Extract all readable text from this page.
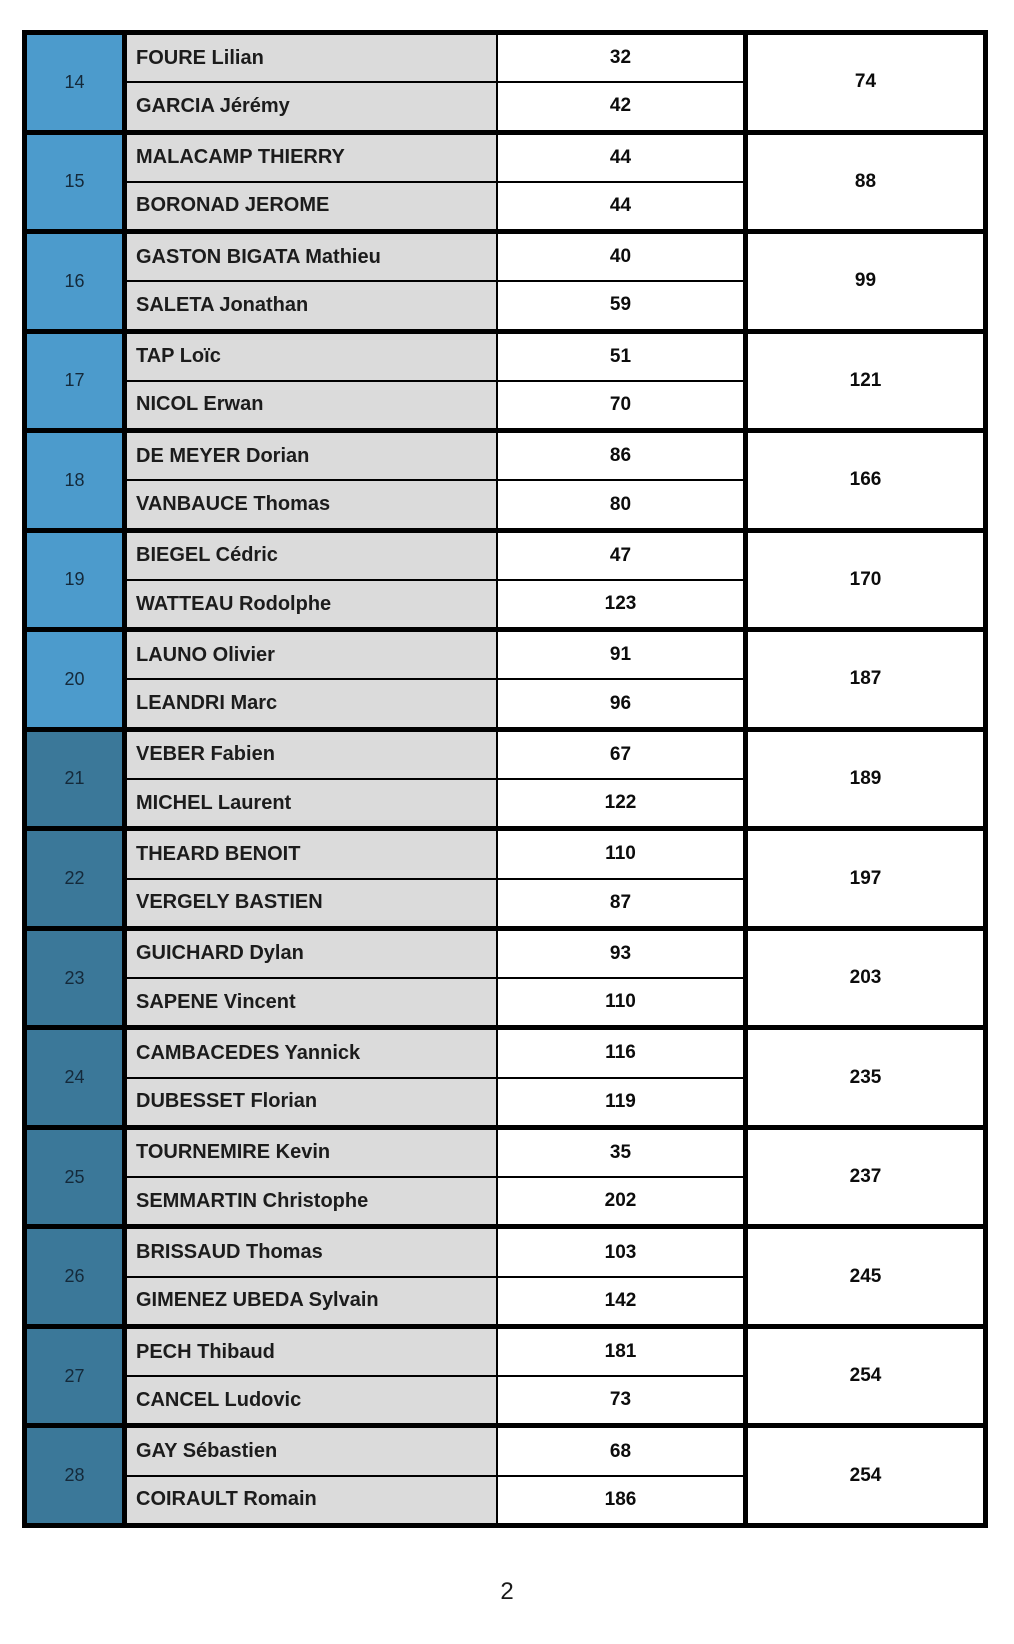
14
FOURE Lilian	32
GARCIA Jérémy	42
74
15
MALACAMP THIERRY	44
BORONAD JEROME	44
88
16
GASTON BIGATA Mathieu	40
SALETA Jonathan	59
99
17
TAP Loïc	51
NICOL Erwan	70
121
18
DE MEYER Dorian	86
VANBAUCE Thomas	80
166
19
BIEGEL Cédric	47
WATTEAU Rodolphe	123
170
20
LAUNO Olivier	91
LEANDRI Marc	96
187
21
VEBER Fabien	67
MICHEL Laurent	122
189
22
THEARD BENOIT	110
VERGELY BASTIEN	87
197
23
GUICHARD Dylan	93
SAPENE Vincent	110
203
24
CAMBACEDES Yannick	116
DUBESSET Florian	119
235
25
TOURNEMIRE Kevin	35
SEMMARTIN Christophe	202
237
26
BRISSAUD Thomas	103
GIMENEZ UBEDA Sylvain	142
245
27
PECH Thibaud	181
CANCEL Ludovic	73
254
28
GAY Sébastien	68
COIRAULT Romain	186
254
2
